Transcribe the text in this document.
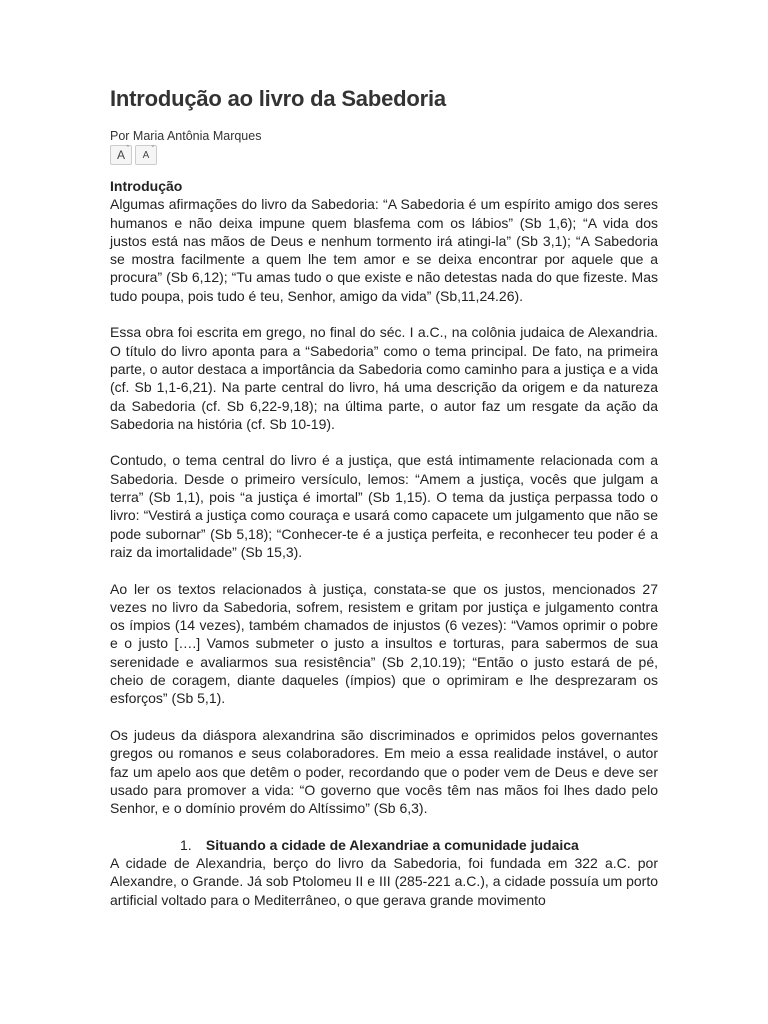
Introdução ao livro da Sabedoria

Por Maria Antônia Marques

A ˆ A ˇ
Introdução

Algumas afirmações do livro da Sabedoria: “A Sabedoria é um espírito amigo dos seres humanos e não deixa impune quem blasfema com os lábios” (Sb 1,6); “A vida dos justos está nas mãos de Deus e nenhum tormento irá atingi-la” (Sb 3,1); “A Sabedoria se mostra facilmente a quem lhe tem amor e se deixa encontrar por aquele que a procura” (Sb 6,12); “Tu amas tudo o que existe e não detestas nada do que fizeste. Mas tudo poupa, pois tudo é teu, Senhor, amigo da vida” (Sb,11,24.26).

Essa obra foi escrita em grego, no final do séc. I a.C., na colônia judaica de Alexandria. O título do livro aponta para a “Sabedoria” como o tema principal. De fato, na primeira parte, o autor destaca a importância da Sabedoria como caminho para a justiça e a vida (cf. Sb 1,1-6,21). Na parte central do livro, há uma descrição da origem e da natureza da Sabedoria (cf. Sb 6,22-9,18); na última parte, o autor faz um resgate da ação da Sabedoria na história (cf. Sb 10-19).

Contudo, o tema central do livro é a justiça, que está intimamente relacionada com a Sabedoria. Desde o primeiro versículo, lemos: “Amem a justiça, vocês que julgam a terra” (Sb 1,1), pois “a justiça é imortal” (Sb 1,15). O tema da justiça perpassa todo o livro: “Vestirá a justiça como couraça e usará como capacete um julgamento que não se pode subornar” (Sb 5,18); “Conhecer-te é a justiça perfeita, e reconhecer teu poder é a raiz da imortalidade” (Sb 15,3).

Ao ler os textos relacionados à justiça, constata-se que os justos, mencionados 27 vezes no livro da Sabedoria, sofrem, resistem e gritam por justiça e julgamento contra os ímpios (14 vezes), também chamados de injustos (6 vezes): “Vamos oprimir o pobre e o justo [….] Vamos submeter o justo a insultos e torturas, para sabermos de sua serenidade e avaliarmos sua resistência” (Sb 2,10.19); “Então o justo estará de pé, cheio de coragem, diante daqueles (ímpios) que o oprimiram e lhe desprezaram os esforços” (Sb 5,1).

Os judeus da diáspora alexandrina são discriminados e oprimidos pelos governantes gregos ou romanos e seus colaboradores. Em meio a essa realidade instável, o autor faz um apelo aos que detêm o poder, recordando que o poder vem de Deus e deve ser usado para promover a vida: “O governo que vocês têm nas mãos foi lhes dado pelo Senhor, e o domínio provém do Altíssimo” (Sb 6,3).

1. Situando a cidade de Alexandriae a comunidade judaica

A cidade de Alexandria, berço do livro da Sabedoria, foi fundada em 322 a.C. por Alexandre, o Grande. Já sob Ptolomeu II e III (285-221 a.C.), a cidade possuía um porto artificial voltado para o Mediterrâneo, o que gerava grande movimento
